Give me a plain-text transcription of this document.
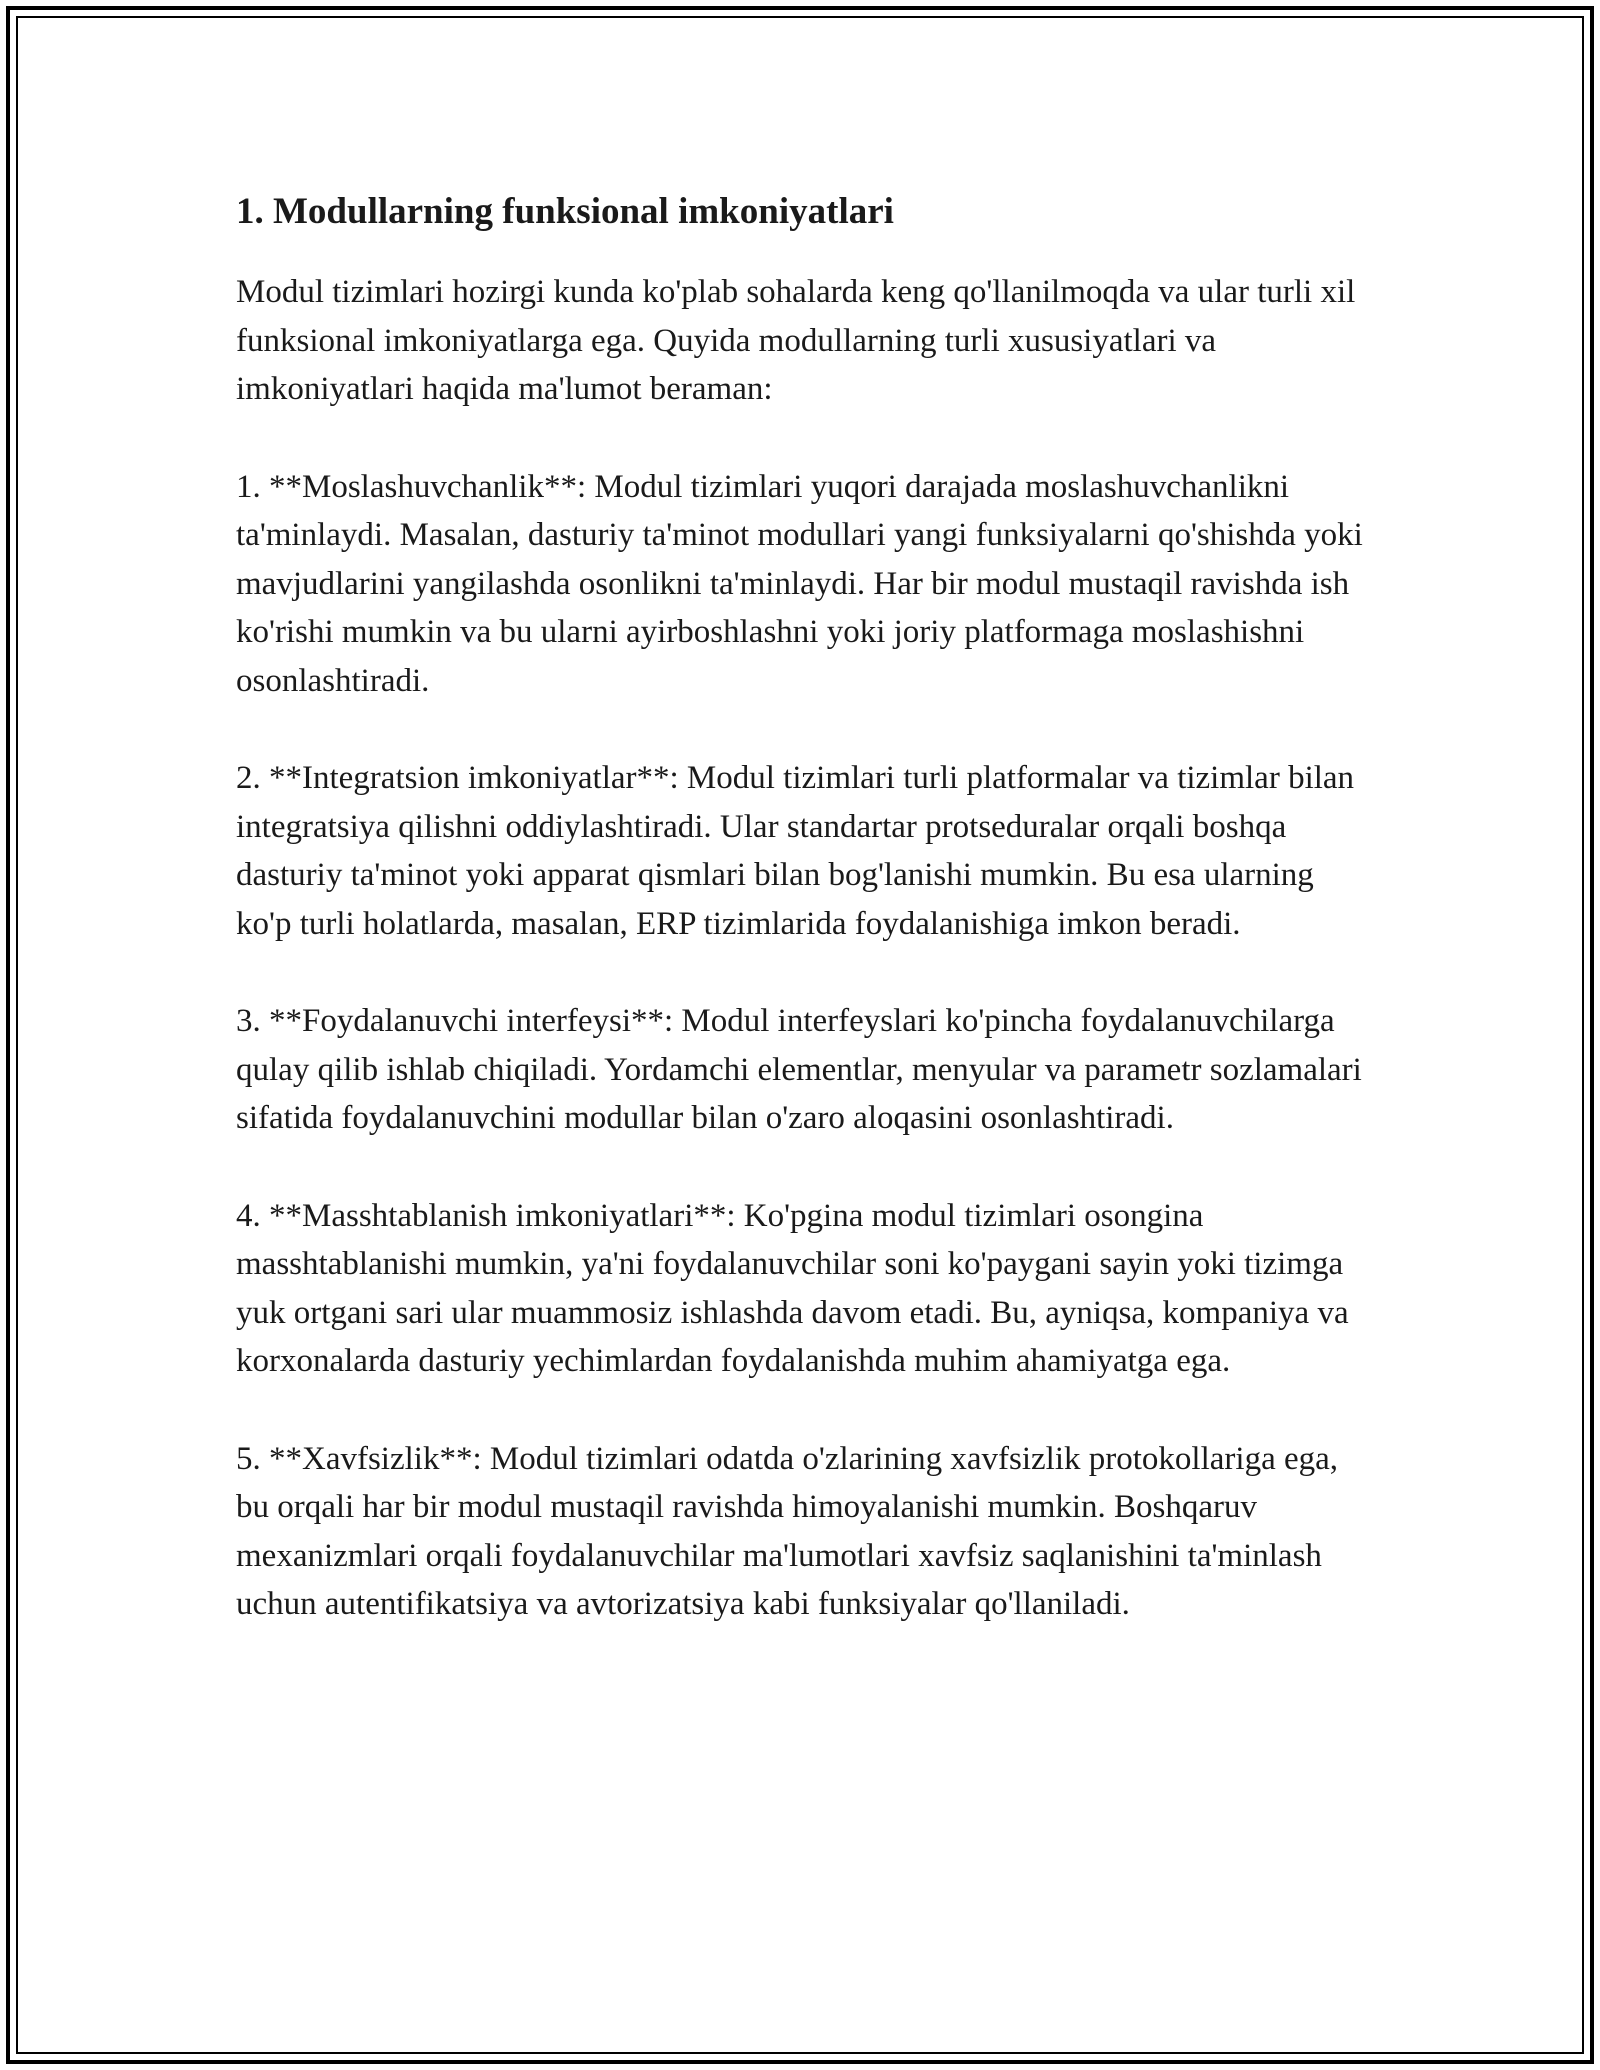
1. Modullarning funksional imkoniyatlari

Modul tizimlari hozirgi kunda ko'plab sohalarda keng qo'llanilmoqda va ular turli xil funksional imkoniyatlarga ega. Quyida modullarning turli xususiyatlari va imkoniyatlari haqida ma'lumot beraman:

1. **Moslashuvchanlik**: Modul tizimlari yuqori darajada moslashuvchanlikni ta'minlaydi. Masalan, dasturiy ta'minot modullari yangi funksiyalarni qo'shishda yoki mavjudlarini yangilashda osonlikni ta'minlaydi. Har bir modul mustaqil ravishda ish ko'rishi mumkin va bu ularni ayirboshlashni yoki joriy platformaga moslashishni osonlashtiradi.

2. **Integratsion imkoniyatlar**: Modul tizimlari turli platformalar va tizimlar bilan integratsiya qilishni oddiylashtiradi. Ular standartar protseduralar orqali boshqa dasturiy ta'minot yoki apparat qismlari bilan bog'lanishi mumkin. Bu esa ularning ko'p turli holatlarda, masalan, ERP tizimlarida foydalanishiga imkon beradi.

3. **Foydalanuvchi interfeysi**: Modul interfeyslari ko'pincha foydalanuvchilarga qulay qilib ishlab chiqiladi. Yordamchi elementlar, menyular va parametr sozlamalari sifatida foydalanuvchini modullar bilan o'zaro aloqasini osonlashtiradi.

4. **Masshtablanish imkoniyatlari**: Ko'pgina modul tizimlari osongina masshtablanishi mumkin, ya'ni foydalanuvchilar soni ko'paygani sayin yoki tizimga yuk ortgani sari ular muammosiz ishlashda davom etadi. Bu, ayniqsa, kompaniya va korxonalarda dasturiy yechimlardan foydalanishda muhim ahamiyatga ega.

5. **Xavfsizlik**: Modul tizimlari odatda o'zlarining xavfsizlik protokollariga ega, bu orqali har bir modul mustaqil ravishda himoyalanishi mumkin. Boshqaruv mexanizmlari orqali foydalanuvchilar ma'lumotlari xavfsiz saqlanishini ta'minlash uchun autentifikatsiya va avtorizatsiya kabi funksiyalar qo'llaniladi.
